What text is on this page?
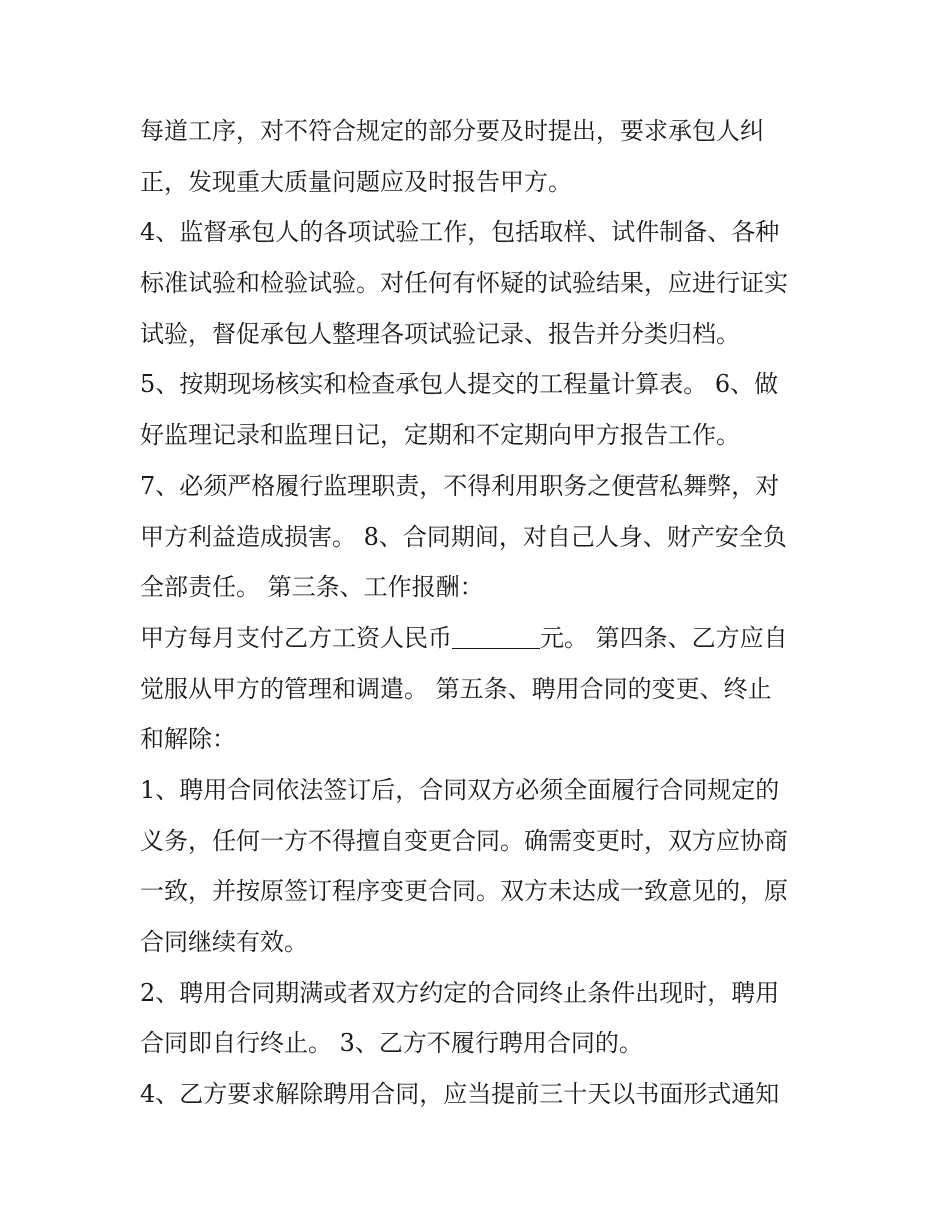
每道工序，对不符合规定的部分要及时提出，要求承包人纠
正，发现重大质量问题应及时报告甲方。
4、监督承包人的各项试验工作，包括取样、试件制备、各种
标准试验和检验试验。对任何有怀疑的试验结果，应进行证实
试验，督促承包人整理各项试验记录、报告并分类归档。
5、按期现场核实和检查承包人提交的工程量计算表。 6、做
好监理记录和监理日记，定期和不定期向甲方报告工作。
7、必须严格履行监理职责，不得利用职务之便营私舞弊，对
甲方利益造成损害。 8、合同期间，对自己人身、财产安全负
全部责任。 第三条、工作报酬：
甲方每月支付乙方工资人民币	元。 第四条、乙方应自
觉服从甲方的管理和调遣。 第五条、聘用合同的变更、终止
和解除：
1、聘用合同依法签订后，合同双方必须全面履行合同规定的
义务，任何一方不得擅自变更合同。确需变更时，双方应协商
一致，并按原签订程序变更合同。双方未达成一致意见的，原
合同继续有效。
2、聘用合同期满或者双方约定的合同终止条件出现时，聘用
合同即自行终止。 3、乙方不履行聘用合同的。
4、乙方要求解除聘用合同，应当提前三十天以书面形式通知
